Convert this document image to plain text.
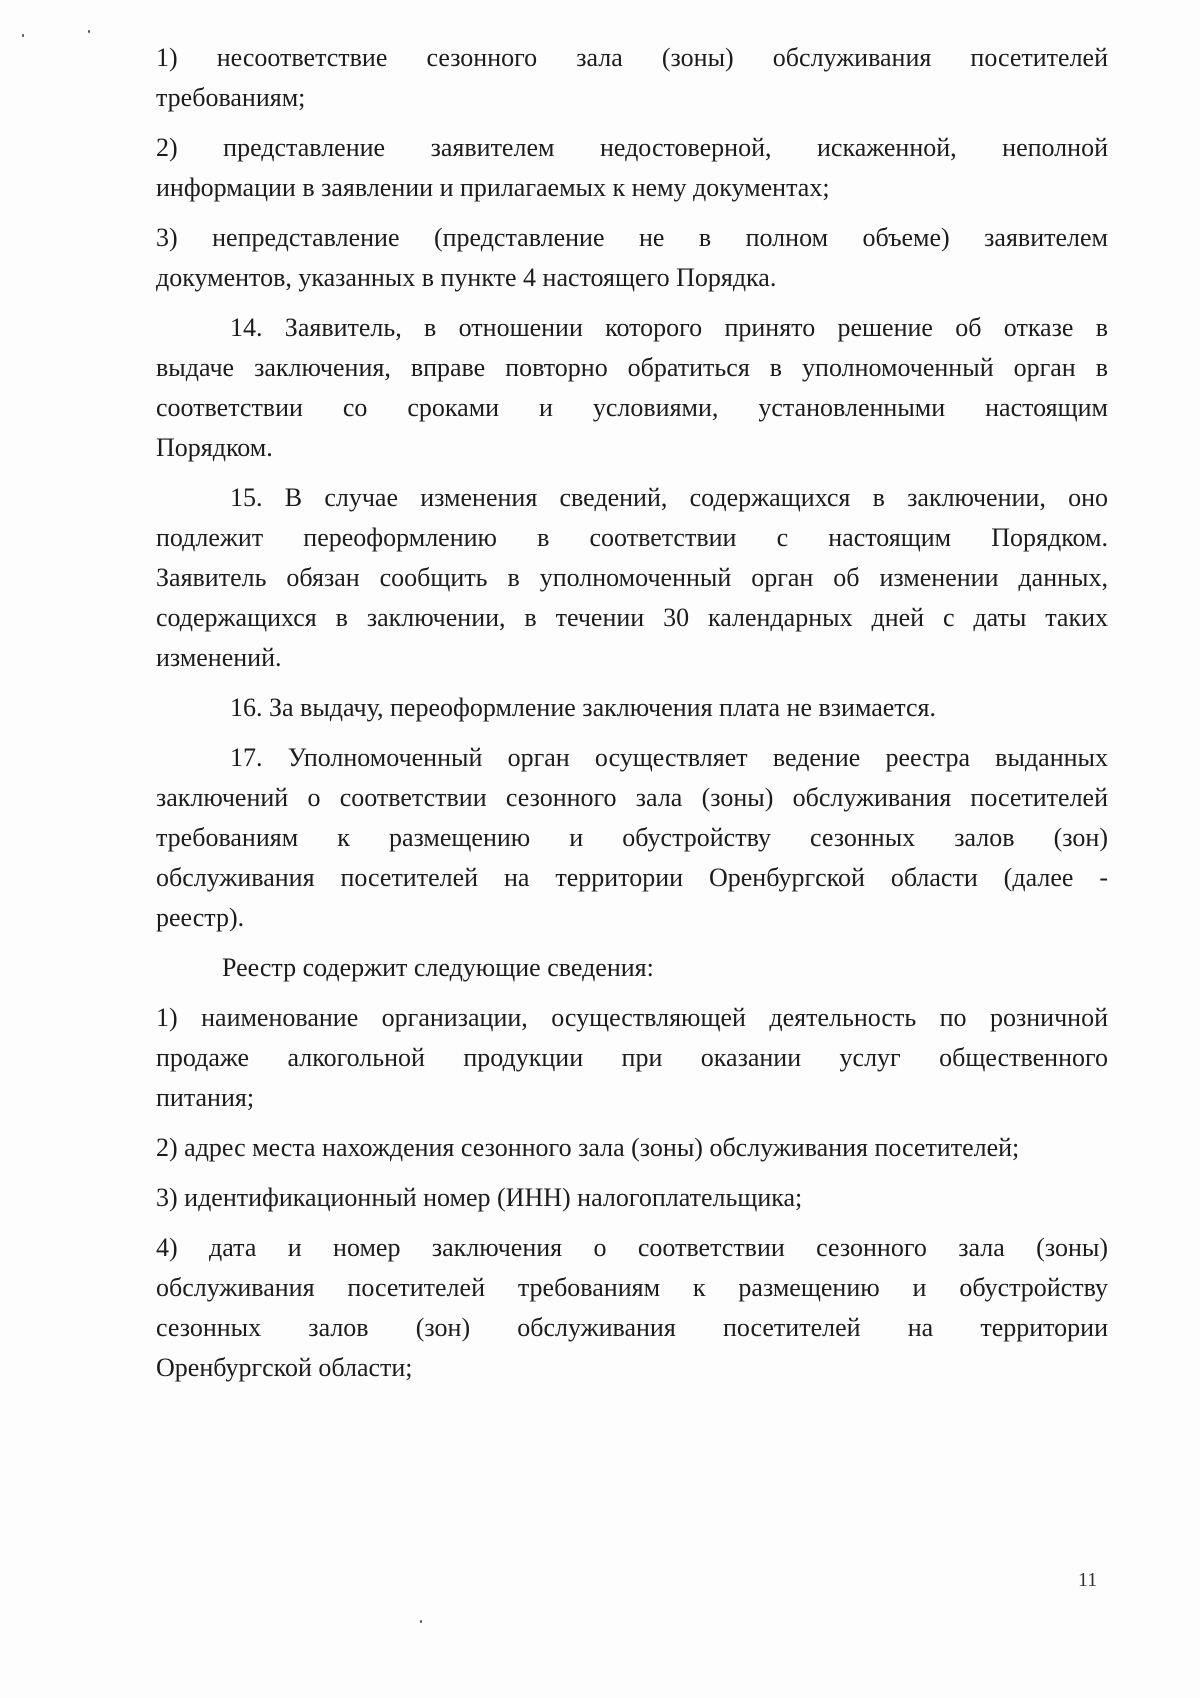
1) несоответствие сезонного зала (зоны) обслуживания посетителей
требованиям;
2) представление заявителем недостоверной, искаженной, неполной
информации в заявлении и прилагаемых к нему документах;
3) непредставление (представление не в полном объеме) заявителем
документов, указанных в пункте 4 настоящего Порядка.
14. Заявитель, в отношении которого принято решение об отказе в
выдаче заключения, вправе повторно обратиться в уполномоченный орган в
соответствии со сроками и условиями, установленными настоящим
Порядком.
15. В случае изменения сведений, содержащихся в заключении, оно
подлежит переоформлению в соответствии с настоящим Порядком.
Заявитель обязан сообщить в уполномоченный орган об изменении данных,
содержащихся в заключении, в течении 30 календарных дней с даты таких
изменений.
16. За выдачу, переоформление заключения плата не взимается.
17. Уполномоченный орган осуществляет ведение реестра выданных
заключений о соответствии сезонного зала (зоны) обслуживания посетителей
требованиям к размещению и обустройству сезонных залов (зон)
обслуживания посетителей на территории Оренбургской области (далее -
реестр).
Реестр содержит следующие сведения:
1) наименование организации, осуществляющей деятельность по розничной
продаже алкогольной продукции при оказании услуг общественного
питания;
2) адрес места нахождения сезонного зала (зоны) обслуживания посетителей;
3) идентификационный номер (ИНН) налогоплательщика;
4) дата и номер заключения о соответствии сезонного зала (зоны)
обслуживания посетителей требованиям к размещению и обустройству
сезонных залов (зон) обслуживания посетителей на территории
Оренбургской области;
11
